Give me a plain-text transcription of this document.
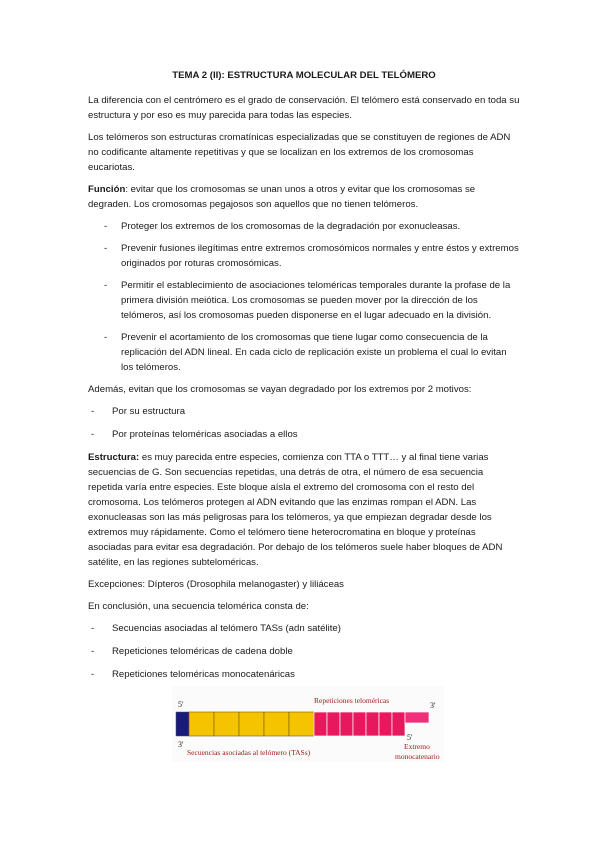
TEMA 2 (II): ESTRUCTURA MOLECULAR DEL TELÓMERO

La diferencia con el centrómero es el grado de conservación. El telómero está conservado en toda su estructura y por eso es muy parecida para todas las especies.

Los telómeros son estructuras cromatínicas especializadas que se constituyen de regiones de ADN no codificante altamente repetitivas y que se localizan en los extremos de los cromosomas eucariotas.

Función: evitar que los cromosomas se unan unos a otros y evitar que los cromosomas se degraden. Los cromosomas pegajosos son aquellos que no tienen telómeros.

- Proteger los extremos de los cromosomas de la degradación por exonucleasas.
- Prevenir fusiones ilegítimas entre extremos cromosómicos normales y entre éstos y extremos originados por roturas cromosómicas.
- Permitir el establecimiento de asociaciones teloméricas temporales durante la profase de la primera división meiótica. Los cromosomas se pueden mover por la dirección de los telómeros, así los cromosomas pueden disponerse en el lugar adecuado en la división.
- Prevenir el acortamiento de los cromosomas que tiene lugar como consecuencia de la replicación del ADN lineal. En cada ciclo de replicación existe un problema el cual lo evitan los telómeros.

Además, evitan que los cromosomas se vayan degradado por los extremos por 2 motivos:

- Por su estructura
- Por proteínas teloméricas asociadas a ellos

Estructura: es muy parecida entre especies, comienza con TTA o TTT… y al final tiene varias secuencias de G. Son secuencias repetidas, una detrás de otra, el número de esa secuencia repetida varía entre especies. Este bloque aísla el extremo del cromosoma con el resto del cromosoma. Los telómeros protegen al ADN evitando que las enzimas rompan el ADN. Las exonucleasas son las más peligrosas para los telómeros, ya que empiezan degradar desde los extremos muy rápidamente. Como el telómero tiene heterocromatina en bloque y proteínas asociadas para evitar esa degradación. Por debajo de los telómeros suele haber bloques de ADN satélite, en las regiones subteloméricas.

Excepciones: Dípteros (Drosophila melanogaster) y liliáceas

En conclusión, una secuencia telomérica consta de:

- Secuencias asociadas al telómero TASs (adn satélite)
- Repeticiones teloméricas de cadena doble
- Repeticiones teloméricas monocatenáricas
5'	Repeticiones teloméricas
3'
3'
5'
Secuencias asociadas al telómero (TASs)
Extremo
monocatenario
